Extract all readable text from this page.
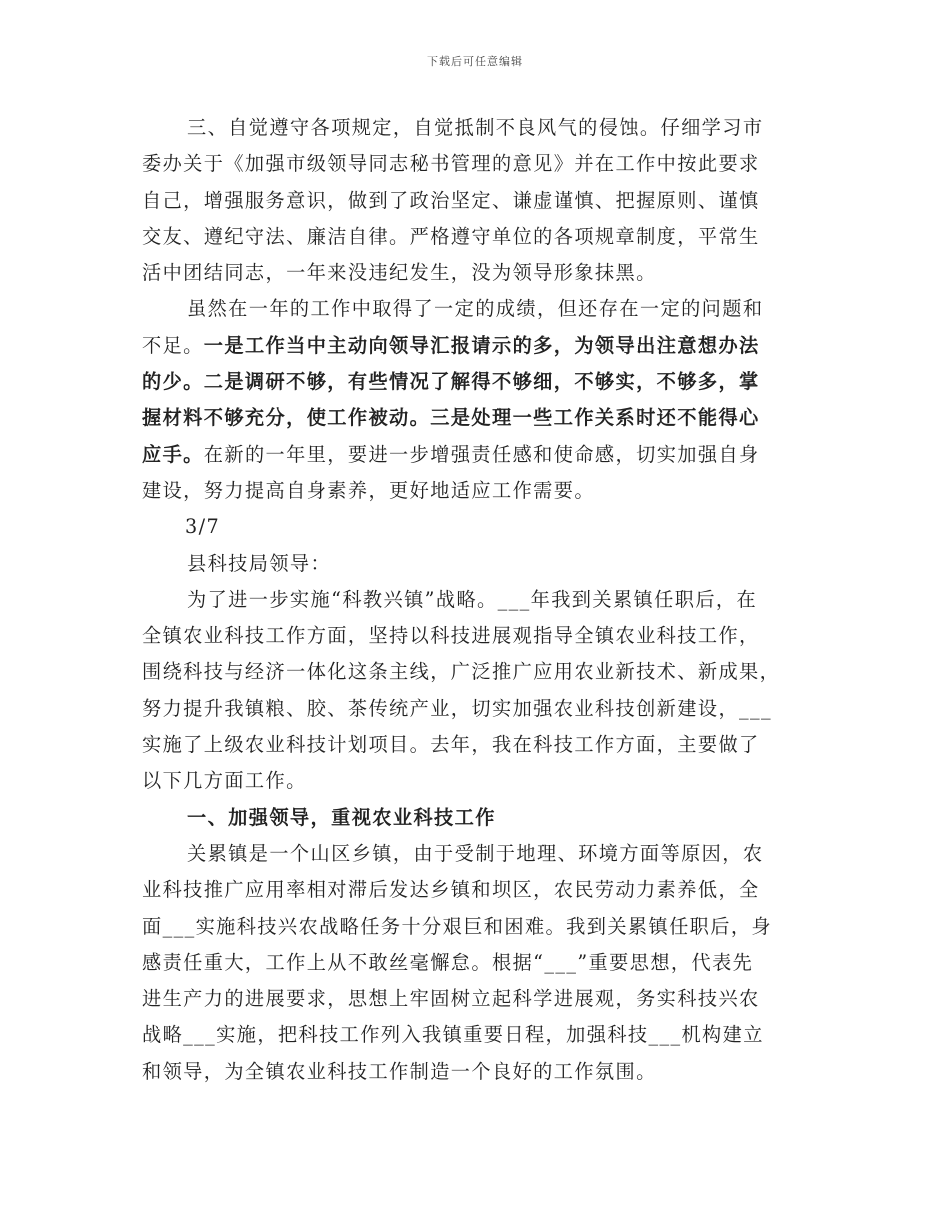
下载后可任意编辑
三、自觉遵守各项规定，自觉抵制不良风气的侵蚀。仔细学习市
委办关于《加强市级领导同志秘书管理的意见》并在工作中按此要求
自己，增强服务意识，做到了政治坚定、谦虚谨慎、把握原则、谨慎
交友、遵纪守法、廉洁自律。严格遵守单位的各项规章制度，平常生
活中团结同志，一年来没违纪发生，没为领导形象抹黑。
虽然在一年的工作中取得了一定的成绩，但还存在一定的问题和
不足。一是工作当中主动向领导汇报请示的多，为领导出注意想办法
的少。二是调研不够，有些情况了解得不够细，不够实，不够多，掌
握材料不够充分，使工作被动。三是处理一些工作关系时还不能得心
应手。在新的一年里，要进一步增强责任感和使命感，切实加强自身
建设，努力提高自身素养，更好地适应工作需要。
3/7
县科技局领导：
为了进一步实施“科教兴镇”战略。___年我到关累镇任职后，在
全镇农业科技工作方面，坚持以科技进展观指导全镇农业科技工作，
围绕科技与经济一体化这条主线，广泛推广应用农业新技术、新成果，
努力提升我镇粮、胶、茶传统产业，切实加强农业科技创新建设，___
实施了上级农业科技计划项目。去年，我在科技工作方面，主要做了
以下几方面工作。
一、加强领导，重视农业科技工作
关累镇是一个山区乡镇，由于受制于地理、环境方面等原因，农
业科技推广应用率相对滞后发达乡镇和坝区，农民劳动力素养低，全
面___实施科技兴农战略任务十分艰巨和困难。我到关累镇任职后，身
感责任重大，工作上从不敢丝毫懈怠。根据“___”重要思想，代表先
进生产力的进展要求，思想上牢固树立起科学进展观，务实科技兴农
战略___实施，把科技工作列入我镇重要日程，加强科技___机构建立
和领导，为全镇农业科技工作制造一个良好的工作氛围。
